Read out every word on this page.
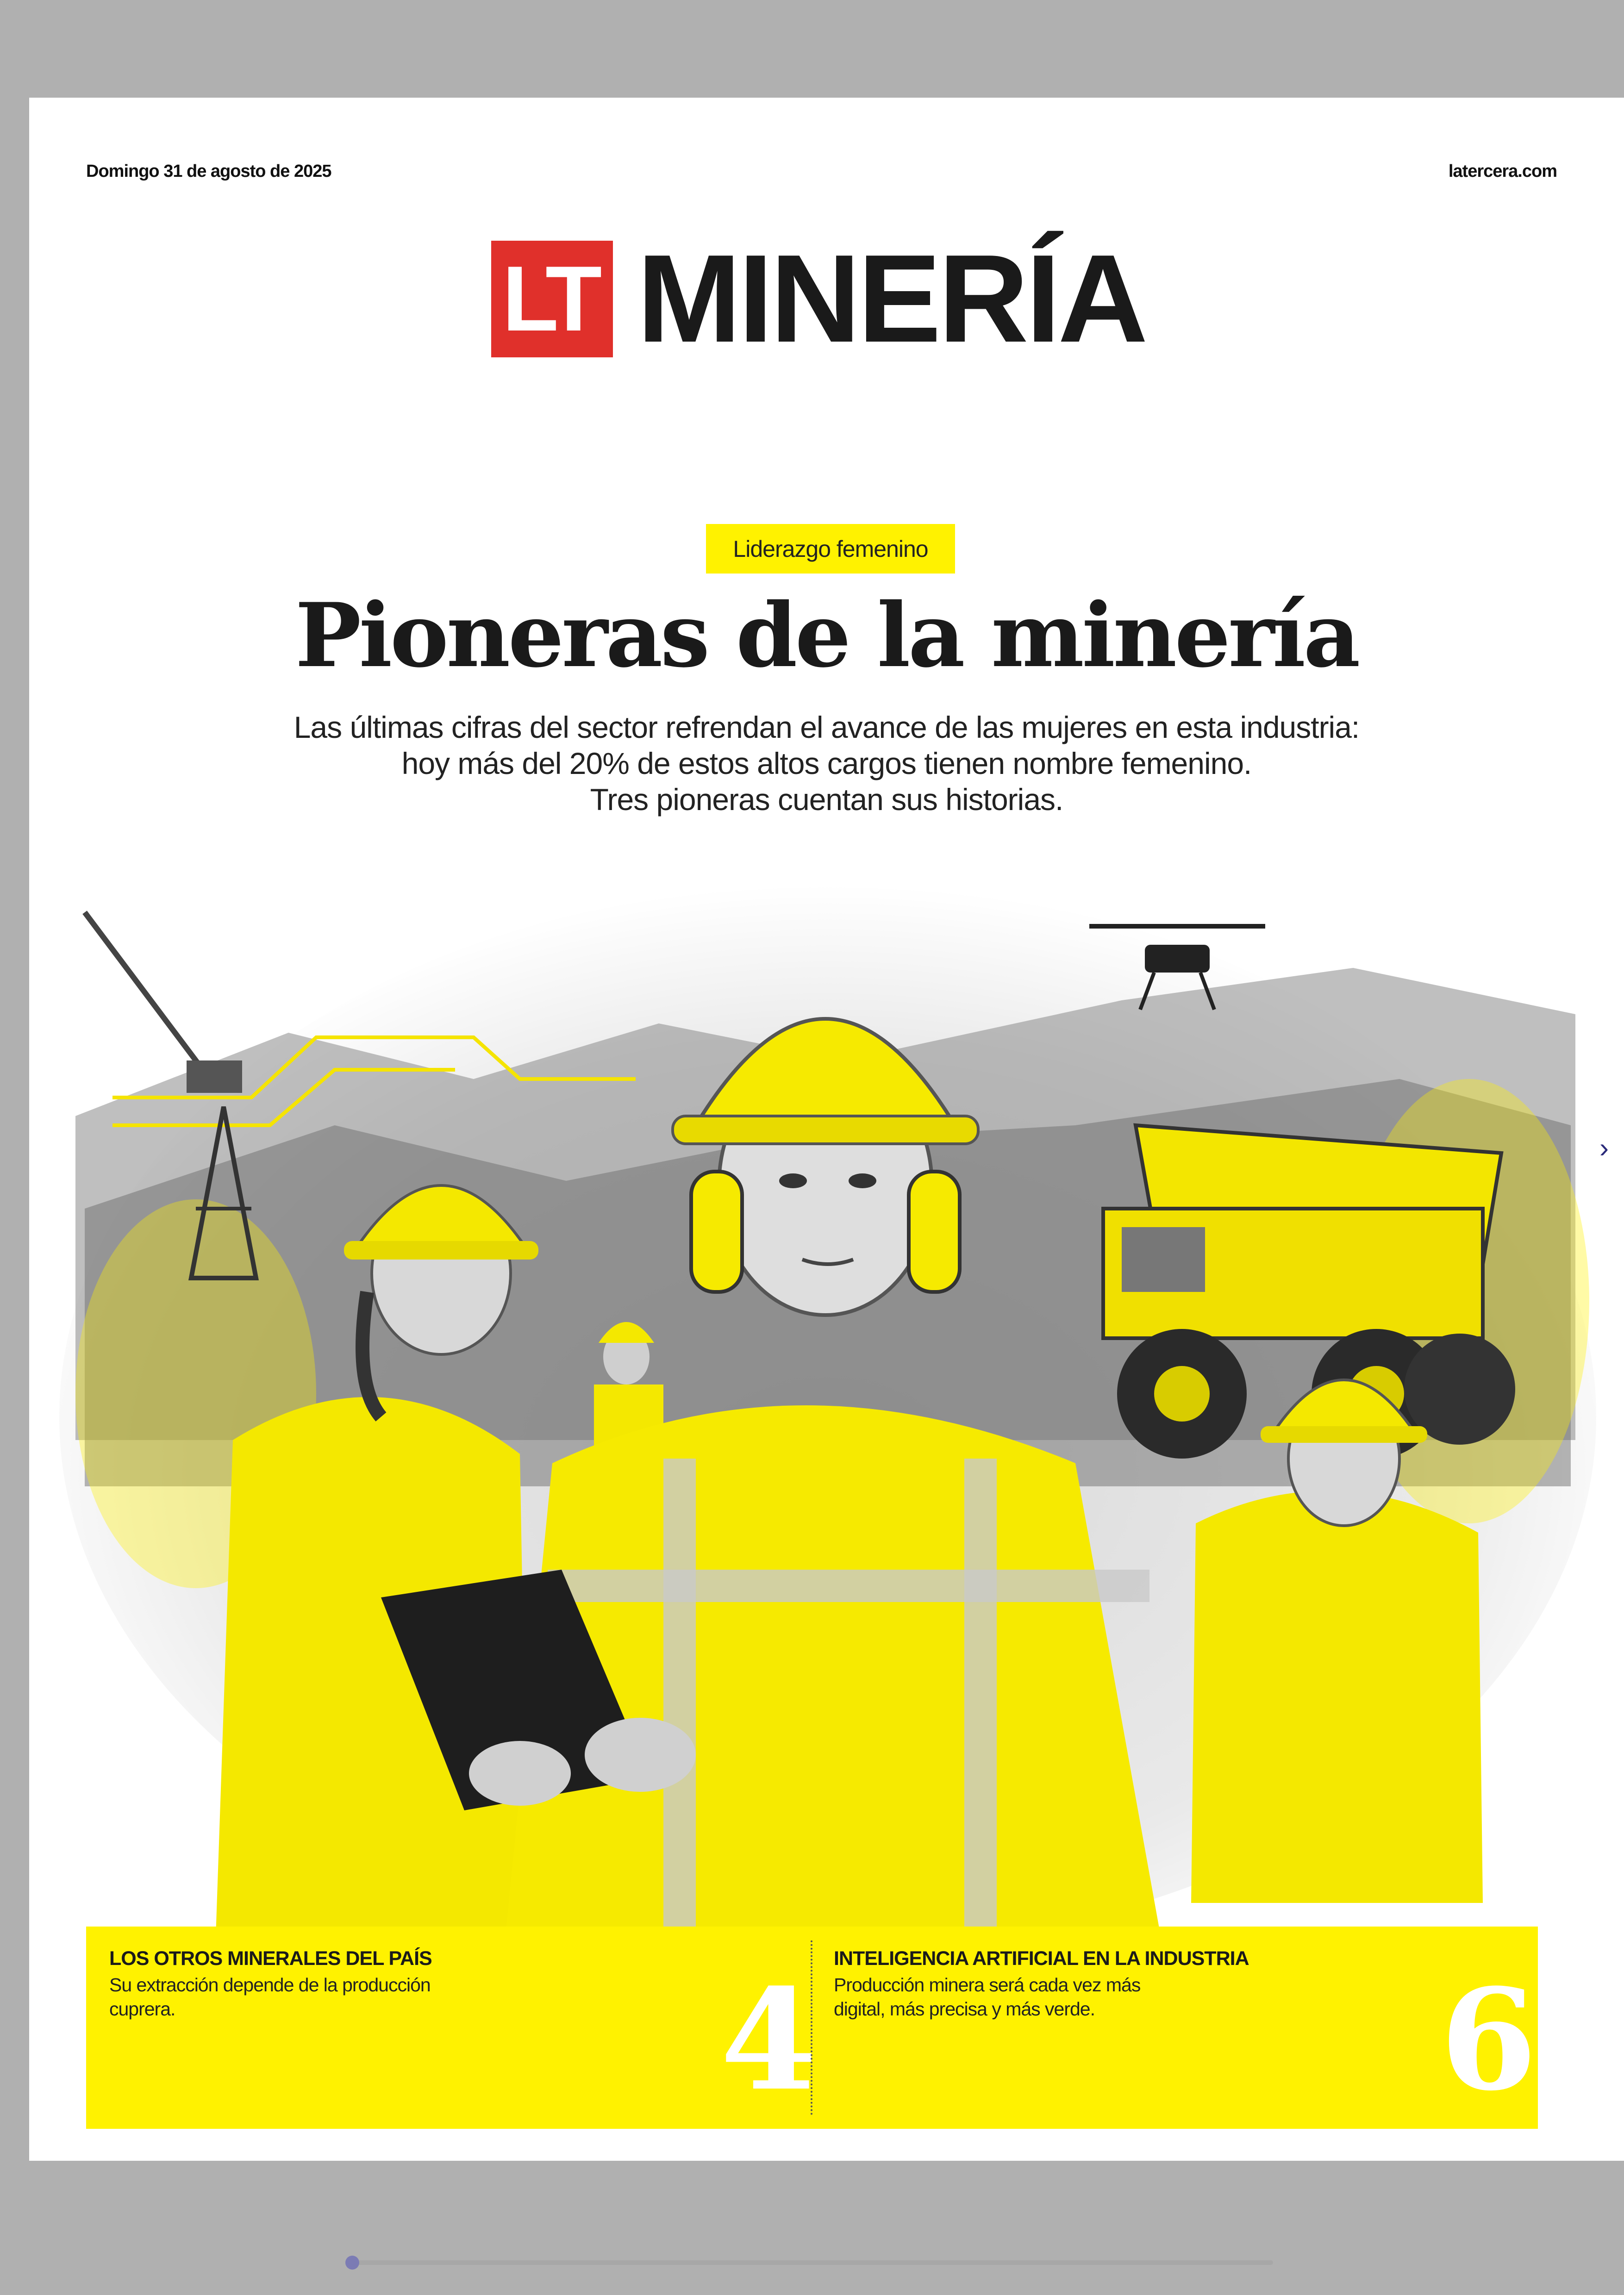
Domingo 31 de agosto de 2025	latercera.com
LT MINERÍA
Liderazgo femenino
Pioneras de la minería
Las últimas cifras del sector refrendan el avance de las mujeres en esta industria:
hoy más del 20% de estos altos cargos tienen nombre femenino.
Tres pioneras cuentan sus historias.
LOS OTROS MINERALES DEL PAÍS
Su extracción depende de la producción cuprera.	4 INTELIGENCIA ARTIFICIAL EN LA INDUSTRIA
Producción minera será cada vez más digital, más precisa y más verde.	6
›
